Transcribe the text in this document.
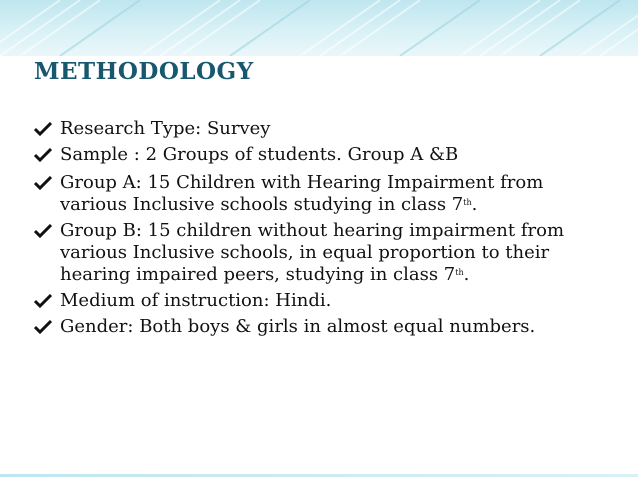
METHODOLOGY
Research Type: Survey
Sample : 2 Groups of students. Group A &B
Group A: 15 Children with Hearing Impairment from various Inclusive schools studying in class 7th.
Group B: 15 children without hearing impairment from various Inclusive schools, in equal proportion to their hearing impaired peers, studying in class 7th.
Medium of instruction: Hindi.
Gender: Both boys & girls in almost equal numbers.
